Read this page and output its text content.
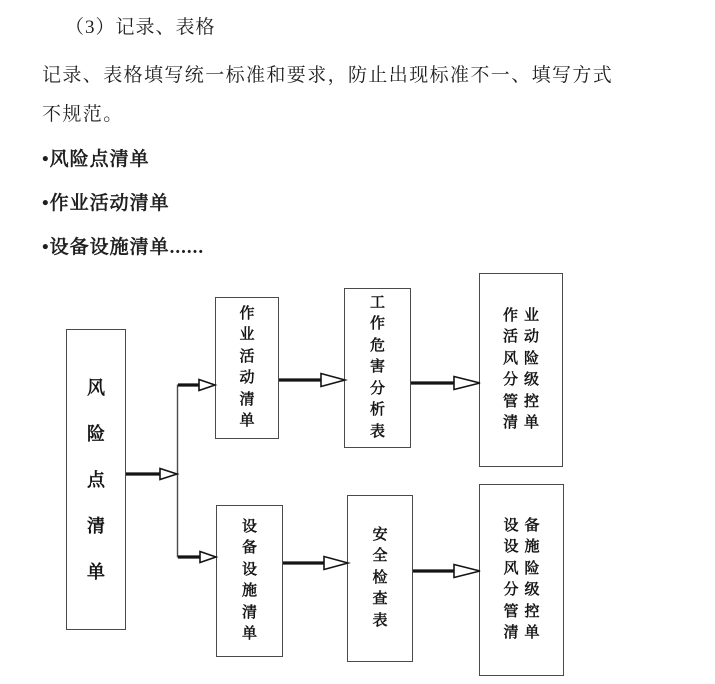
（3）记录、表格
记录、表格填写统一标准和要求，防止出现标准不一、填写方式
不规范。
•风险点清单
•作业活动清单
•设备设施清单......
风
险
点
清
单
作
业
活
动
清
单
工
作
危
害
分
析
表
作业
活动
风险
分级
管控
清单
设
备
设
施
清
单
安
全
检
查
表
设备
设施
风险
分级
管控
清单
